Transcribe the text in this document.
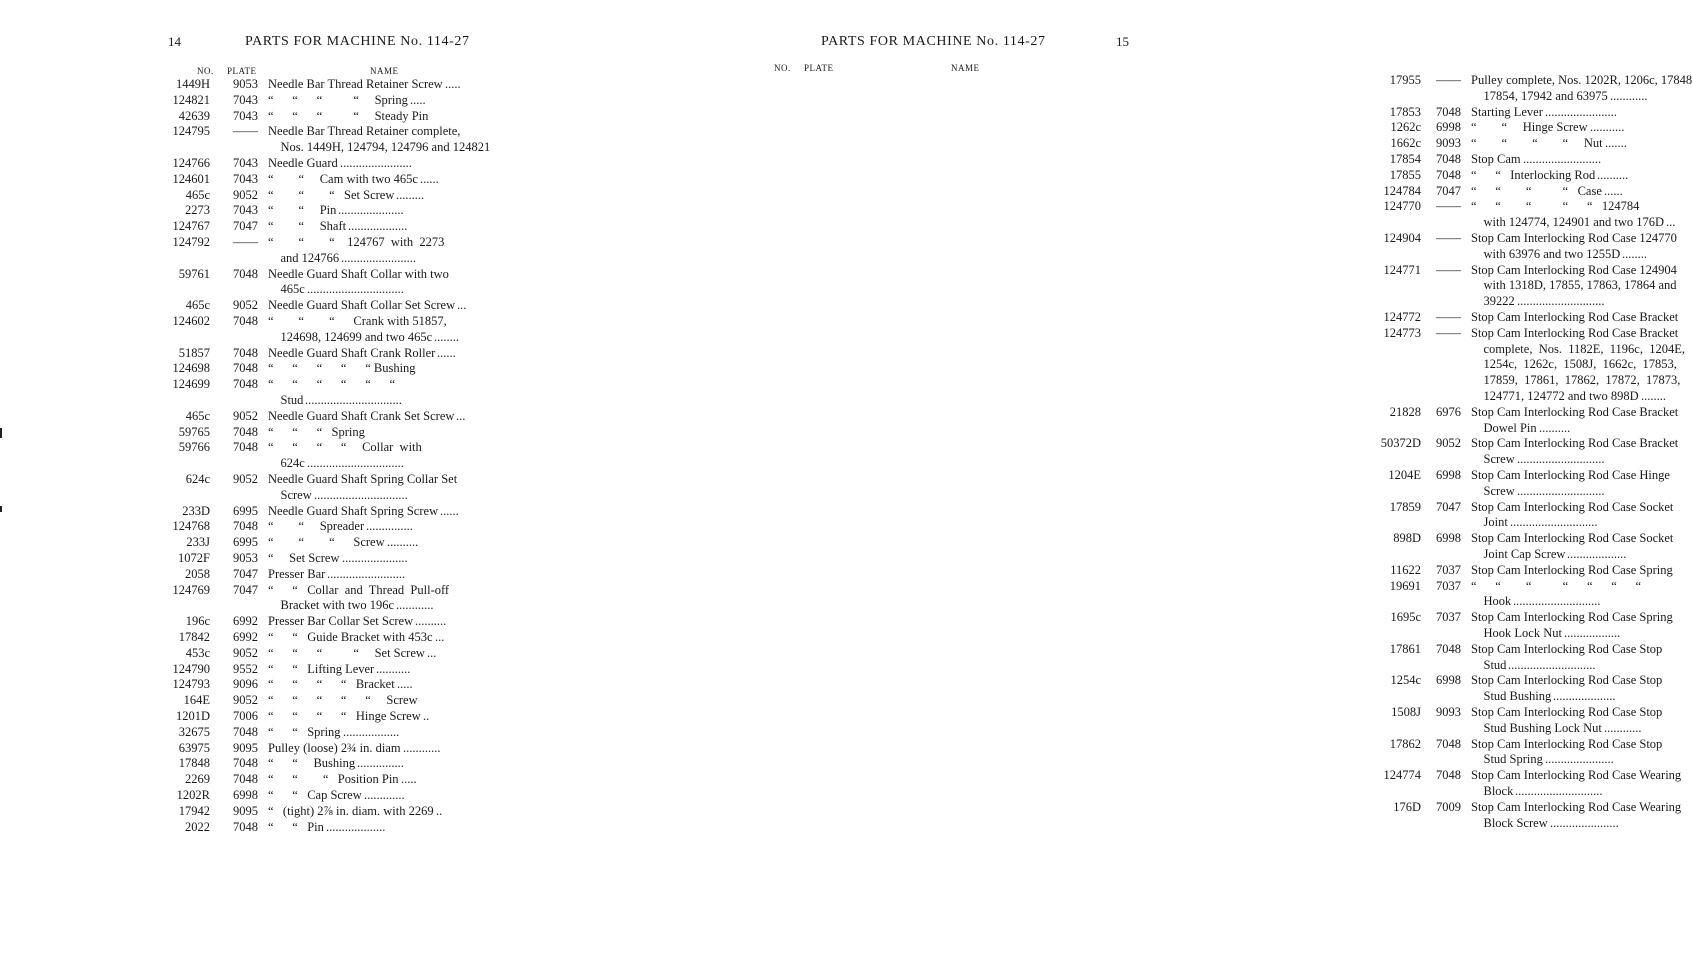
14	PARTS FOR MACHINE No. 114-27
NO. PLATE	NAME
1449H	9053 Needle Bar Thread Retainer Screw .....
124821	7043 “      “      “          “     Spring .....
42639	7043 “      “      “          “     Steady Pin
124795	—— Needle Bar Thread Retainer complete,
Nos. 1449H, 124794, 124796 and 124821
124766	7043 Needle Guard .......................
124601	7043 “        “     Cam with two 465c ......
465c	9052 “        “        “   Set Screw .........
2273	7043 “        “     Pin .....................
124767	7047 “        “     Shaft ...................
124792	—— “        “        “    124767  with  2273
and 124766 ........................
59761	7048 Needle Guard Shaft Collar with two
465c ...............................
465c	9052 Needle Guard Shaft Collar Set Screw ...
124602	7048 “        “        “      Crank with 51857,
124698, 124699 and two 465c ........
51857	7048 Needle Guard Shaft Crank Roller ......
124698	7048 “      “      “      “      “ Bushing
124699	7048 “      “      “      “      “      “
Stud ...............................
465c	9052 Needle Guard Shaft Crank Set Screw ...
59765	7048 “      “      “   Spring
59766	7048 “      “      “      “     Collar  with
624c ...............................
624c	9052 Needle Guard Shaft Spring Collar Set
Screw ..............................
233D	6995 Needle Guard Shaft Spring Screw ......
124768	7048 “        “     Spreader ...............
233J	6995 “        “        “      Screw ..........
1072F	9053 “     Set Screw .....................
2058	7047 Presser Bar .........................
124769	7047 “      “   Collar  and  Thread  Pull-off
Bracket with two 196c ............
196c	6992 Presser Bar Collar Set Screw ..........
17842	6992 “      “   Guide Bracket with 453c ...
453c	9052 “      “      “          “     Set Screw ...
124790	9552 “      “   Lifting Lever ...........
124793	9096 “      “      “      “   Bracket .....
164E	9052 “      “      “      “      “     Screw
1201D	7006 “      “      “      “   Hinge Screw ..
32675	7048 “      “   Spring ..................
63975	9095 Pulley (loose) 2¾ in. diam ............
17848	7048 “      “     Bushing ...............
2269	7048 “      “        “   Position Pin .....
1202R	6998 “      “   Cap Screw .............
17942	9095 “   (tight) 2⅞ in. diam. with 2269 ..
2022	7048 “      “   Pin ...................
15
PARTS FOR MACHINE No. 114-27
NO. PLATE	NAME
17955	—— Pulley complete, Nos. 1202R, 1206c, 17848
17854, 17942 and 63975 ............
17853	7048 Starting Lever .......................
1262c	6998 “        “     Hinge Screw ...........
1662c	9093 “        “        “        “     Nut .......
17854	7048 Stop Cam .........................
17855	7048 “      “   Interlocking Rod ..........
124784	7047 “      “        “          “   Case ......
124770	—— “      “        “          “      “   124784
with 124774, 124901 and two 176D ...
124904	—— Stop Cam Interlocking Rod Case 124770
with 63976 and two 1255D ........
124771	—— Stop Cam Interlocking Rod Case 124904
with 1318D, 17855, 17863, 17864 and
39222 ............................
124772	—— Stop Cam Interlocking Rod Case Bracket
124773	—— Stop Cam Interlocking Rod Case Bracket
complete,  Nos.  1182E,  1196c,  1204E,
1254c,  1262c,  1508J,  1662c,  17853,
17859,  17861,  17862,  17872,  17873,
124771, 124772 and two 898D ........
21828	6976 Stop Cam Interlocking Rod Case Bracket
Dowel Pin ..........
50372D	9052 Stop Cam Interlocking Rod Case Bracket
Screw ............................
1204E	6998 Stop Cam Interlocking Rod Case Hinge
Screw ............................
17859	7047 Stop Cam Interlocking Rod Case Socket
Joint ............................
898D	6998 Stop Cam Interlocking Rod Case Socket
Joint Cap Screw ...................
11622	7037 Stop Cam Interlocking Rod Case Spring
19691	7037 “      “        “          “      “      “      “
Hook ............................
1695c	7037 Stop Cam Interlocking Rod Case Spring
Hook Lock Nut ..................
17861	7048 Stop Cam Interlocking Rod Case Stop
Stud ............................
1254c	6998 Stop Cam Interlocking Rod Case Stop
Stud Bushing ....................
1508J	9093 Stop Cam Interlocking Rod Case Stop
Stud Bushing Lock Nut ............
17862	7048 Stop Cam Interlocking Rod Case Stop
Stud Spring ......................
124774	7048 Stop Cam Interlocking Rod Case Wearing
Block ............................
176D	7009 Stop Cam Interlocking Rod Case Wearing
Block Screw ......................
